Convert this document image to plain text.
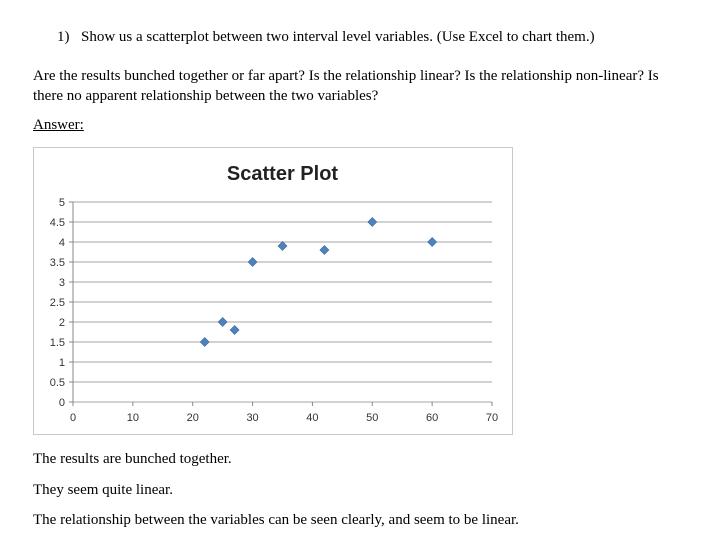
1) Show us a scatterplot between two interval level variables. (Use Excel to chart them.)
Are the results bunched together or far apart? Is the relationship linear? Is the relationship non-linear? Is there no apparent relationship between the two variables?
Answer:
Scatter Plot
0
0.5
1
1.5
2
2.5
3
3.5
4
4.5
5
0	10	20	30	40	50	60	70
The results are bunched together.
They seem quite linear.
The relationship between the variables can be seen clearly, and seem to be linear.
